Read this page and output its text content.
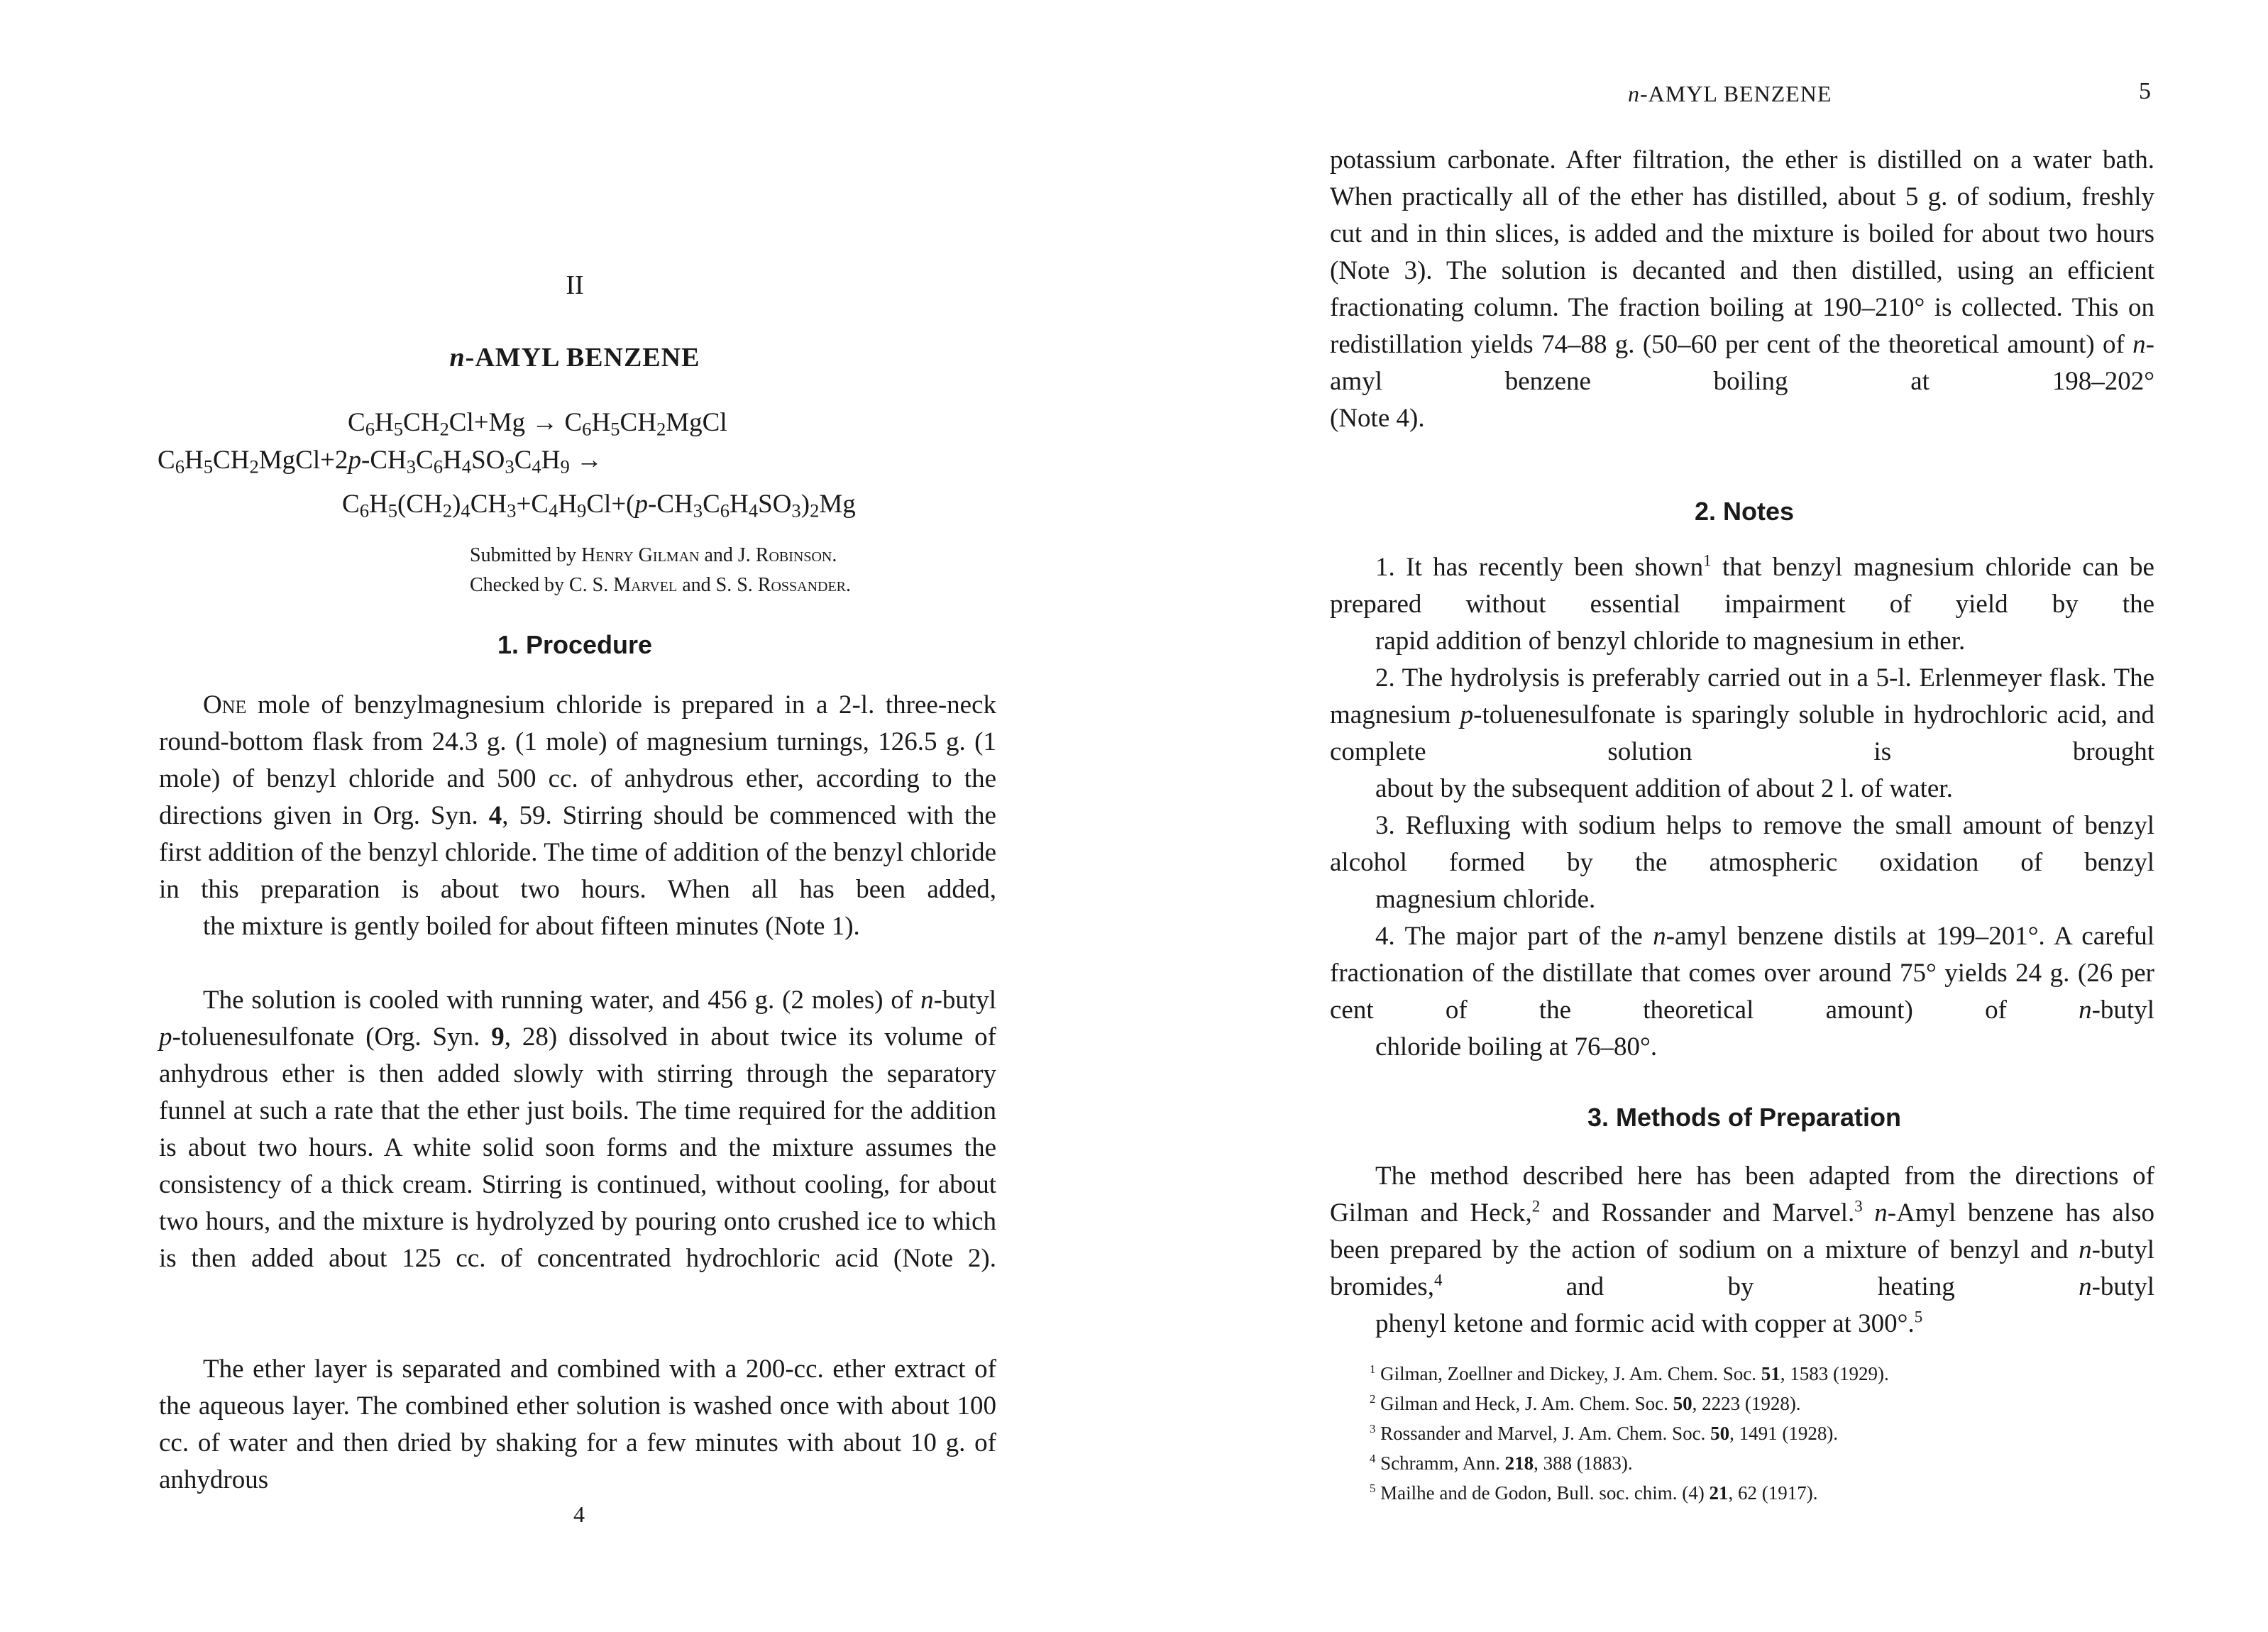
II
n-AMYL BENZENE
$C_6H_5CH_2Cl+Mg$ → $C_6H_5CH_2MgCl$
$C_6H_5CH_2MgCl+2p-CH_3C_6H_4SO_3C_4H_9$ →
$C_6H_5(CH_2)_4CH_3+C_4H_9Cl+(p-CH_3C_6H_4SO_3)_2Mg$
Submitted by Henry Gilman and J. Robinson.
Checked by C. S. Marvel and S. S. Rossander.
1. Procedure

One mole of benzylmagnesium chloride is prepared in a 2-l. three-neck round-bottom flask from 24.3 g. (1 mole) of magnesium turnings, 126.5 g. (1 mole) of benzyl chloride and 500 cc. of anhydrous ether, according to the directions given in Org. Syn. 4, 59. Stirring should be commenced with the first addition of the benzyl chloride. The time of addition of the benzyl chloride in this preparation is about two hours. When all has been added,
the mixture is gently boiled for about fifteen minutes (Note 1).

The solution is cooled with running water, and 456 g. (2 moles) of n-butyl p-toluenesulfonate (Org. Syn. 9, 28) dissolved in about twice its volume of anhydrous ether is then added slowly with stirring through the separatory funnel at such a rate that the ether just boils. The time required for the addition is about two hours. A white solid soon forms and the mixture assumes the consistency of a thick cream. Stirring is continued, without cooling, for about two hours, and the mixture is hydrolyzed by pouring onto crushed ice to which is then added about 125 cc. of concentrated hydrochloric acid (Note 2).

The ether layer is separated and combined with a 200-cc. ether extract of the aqueous layer. The combined ether solution is washed once with about 100 cc. of water and then dried by shaking for a few minutes with about 10 g. of anhydrous

4
n-AMYL BENZENE	5

potassium carbonate. After filtration, the ether is distilled on a water bath. When practically all of the ether has distilled, about 5 g. of sodium, freshly cut and in thin slices, is added and the mixture is boiled for about two hours (Note 3). The solution is decanted and then distilled, using an efficient fractionating column. The fraction boiling at 190–210° is collected. This on redistillation yields 74–88 g. (50–60 per cent of the theoretical amount) of n-amyl benzene boiling at 198–202°
(Note 4).

2. Notes

1. It has recently been shown$^1$ that benzyl magnesium chloride can be prepared without essential impairment of yield by the
rapid addition of benzyl chloride to magnesium in ether.

2. The hydrolysis is preferably carried out in a 5-l. Erlenmeyer flask. The magnesium p-toluenesulfonate is sparingly soluble in hydrochloric acid, and complete solution is brought
about by the subsequent addition of about 2 l. of water.

3. Refluxing with sodium helps to remove the small amount of benzyl alcohol formed by the atmospheric oxidation of benzyl
magnesium chloride.

4. The major part of the n-amyl benzene distils at 199–201°. A careful fractionation of the distillate that comes over around 75° yields 24 g. (26 per cent of the theoretical amount) of n-butyl
chloride boiling at 76–80°.

3. Methods of Preparation

The method described here has been adapted from the directions of Gilman and Heck,$^2$ and Rossander and Marvel.$^3$ n-Amyl benzene has also been prepared by the action of sodium on a mixture of benzyl and n-butyl bromides,$^4$ and by heating n-butyl
phenyl ketone and formic acid with copper at 300°.$^5$

$^1$ Gilman, Zoellner and Dickey, J. Am. Chem. Soc. 51, 1583 (1929).
$^2$ Gilman and Heck, J. Am. Chem. Soc. 50, 2223 (1928).
$^3$ Rossander and Marvel, J. Am. Chem. Soc. 50, 1491 (1928).
$^4$ Schramm, Ann. 218, 388 (1883).
$^5$ Mailhe and de Godon, Bull. soc. chim. (4) 21, 62 (1917).
